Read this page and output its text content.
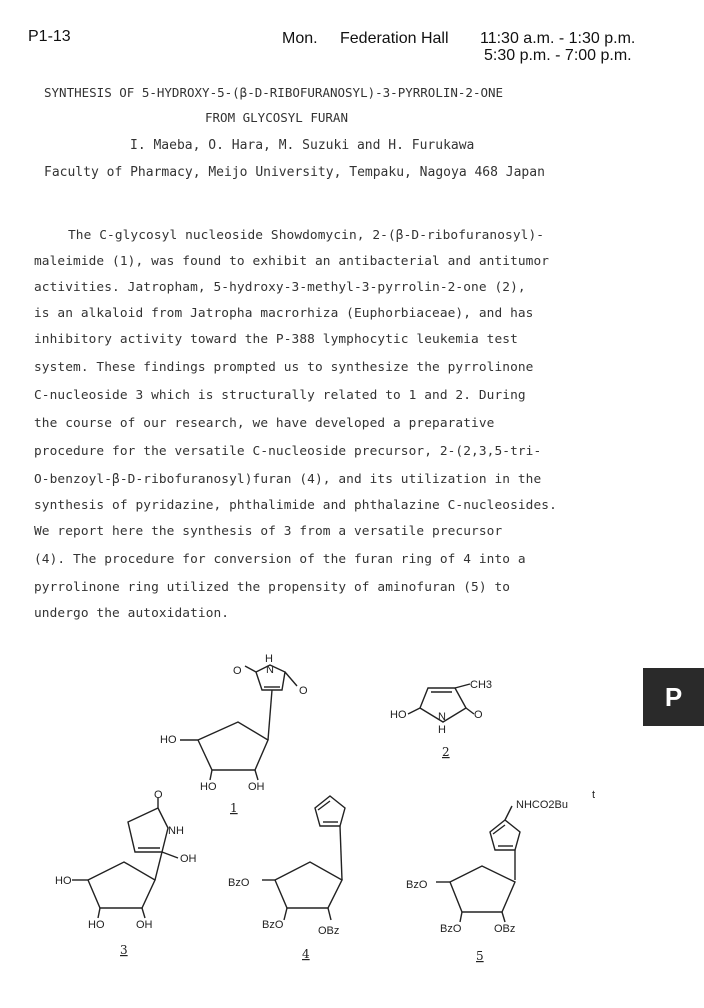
P1-13	Mon. Federation Hall 11:30 a.m. - 1:30 p.m.
5:30 p.m. - 7:00 p.m.
SYNTHESIS OF 5-HYDROXY-5-(β-D-RIBOFURANOSYL)-3-PYRROLIN-2-ONE
FROM GLYCOSYL FURAN
I. Maeba, O. Hara, M. Suzuki and H. Furukawa
Faculty of Pharmacy, Meijo University, Tempaku, Nagoya 468 Japan
The C-glycosyl nucleoside Showdomycin, 2-(β-D-ribofuranosyl)-
maleimide (1), was found to exhibit an antibacterial and antitumor
activities. Jatropham, 5-hydroxy-3-methyl-3-pyrrolin-2-one (2),
is an alkaloid from Jatropha macrorhiza (Euphorbiaceae), and has
inhibitory activity toward the P-388 lymphocytic leukemia test
system. These findings prompted us to synthesize the pyrrolinone
C-nucleoside 3 which is structurally related to 1 and 2. During
the course of our research, we have developed a preparative
procedure for the versatile C-nucleoside precursor, 2-(2,3,5-tri-
O-benzoyl-β-D-ribofuranosyl)furan (4), and its utilization in the
synthesis of pyridazine, phthalimide and phthalazine C-nucleosides.
We report here the synthesis of 3 from a versatile precursor
(4). The procedure for conversion of the furan ring of 4 into a
pyrrolinone ring utilized the propensity of aminofuran (5) to
undergo the autoxidation.
P
H
N
O
O
HO
HO	OH
1
CH3
HO	N
H
O
2
O
NH
OH
HO
HO	OH
3
BzO
BzO	OBz
4
NHCO2Bu
t
BzO
BzO	OBz
5
